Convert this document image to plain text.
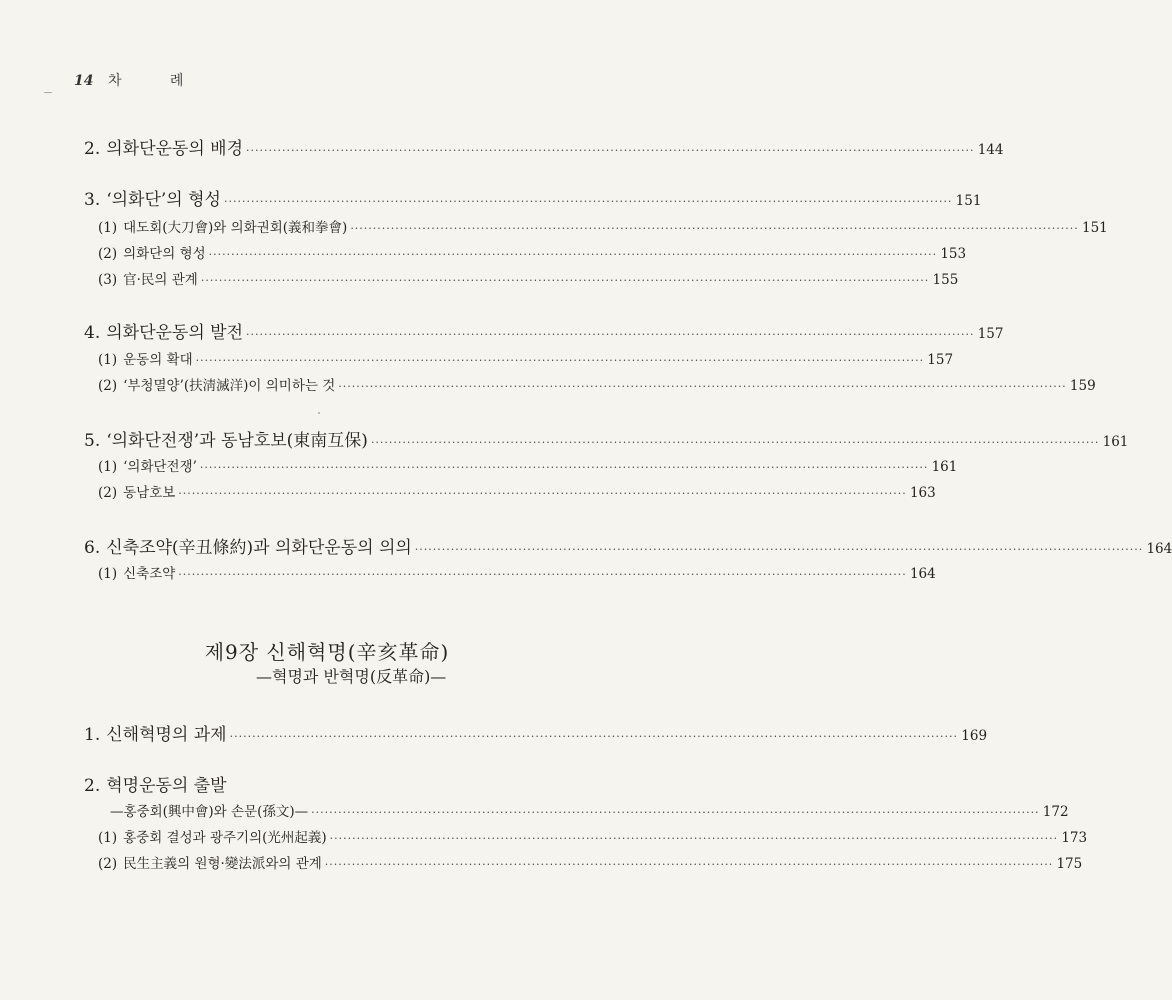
14 차 례
2. 의화단운동의 배경 ·····	144
3. ‘의화단’의 형성 ·····	151
(1) 대도회(大刀會)와 의화권회(義和拳會) ·····	151
(2) 의화단의 형성 ·····	153
(3) 官·民의 관계 ·····	155
4. 의화단운동의 발전 ·····	157
(1) 운동의 확대 ·····	157
(2) ‘부청멸양’(扶淸滅洋)이 의미하는 것 ·····	159
5. ‘의화단전쟁’과 동남호보(東南互保) ·····	161
(1) ‘의화단전쟁’ ·····	161
(2) 동남호보 ·····	163
6. 신축조약(辛丑條約)과 의화단운동의 의의 ·····	164
(1) 신축조약 ·····	164
제9장 신해혁명(辛亥革命)
—혁명과 반혁명(反革命)—
1. 신해혁명의 과제 ·····	169
2. 혁명운동의 출발
—홍중회(興中會)와 손문(孫文)— ·····	172
(1) 홍중회 결성과 광주기의(光州起義) ·····	173
(2) 民生主義의 원형·變法派와의 관계 ·····	175
